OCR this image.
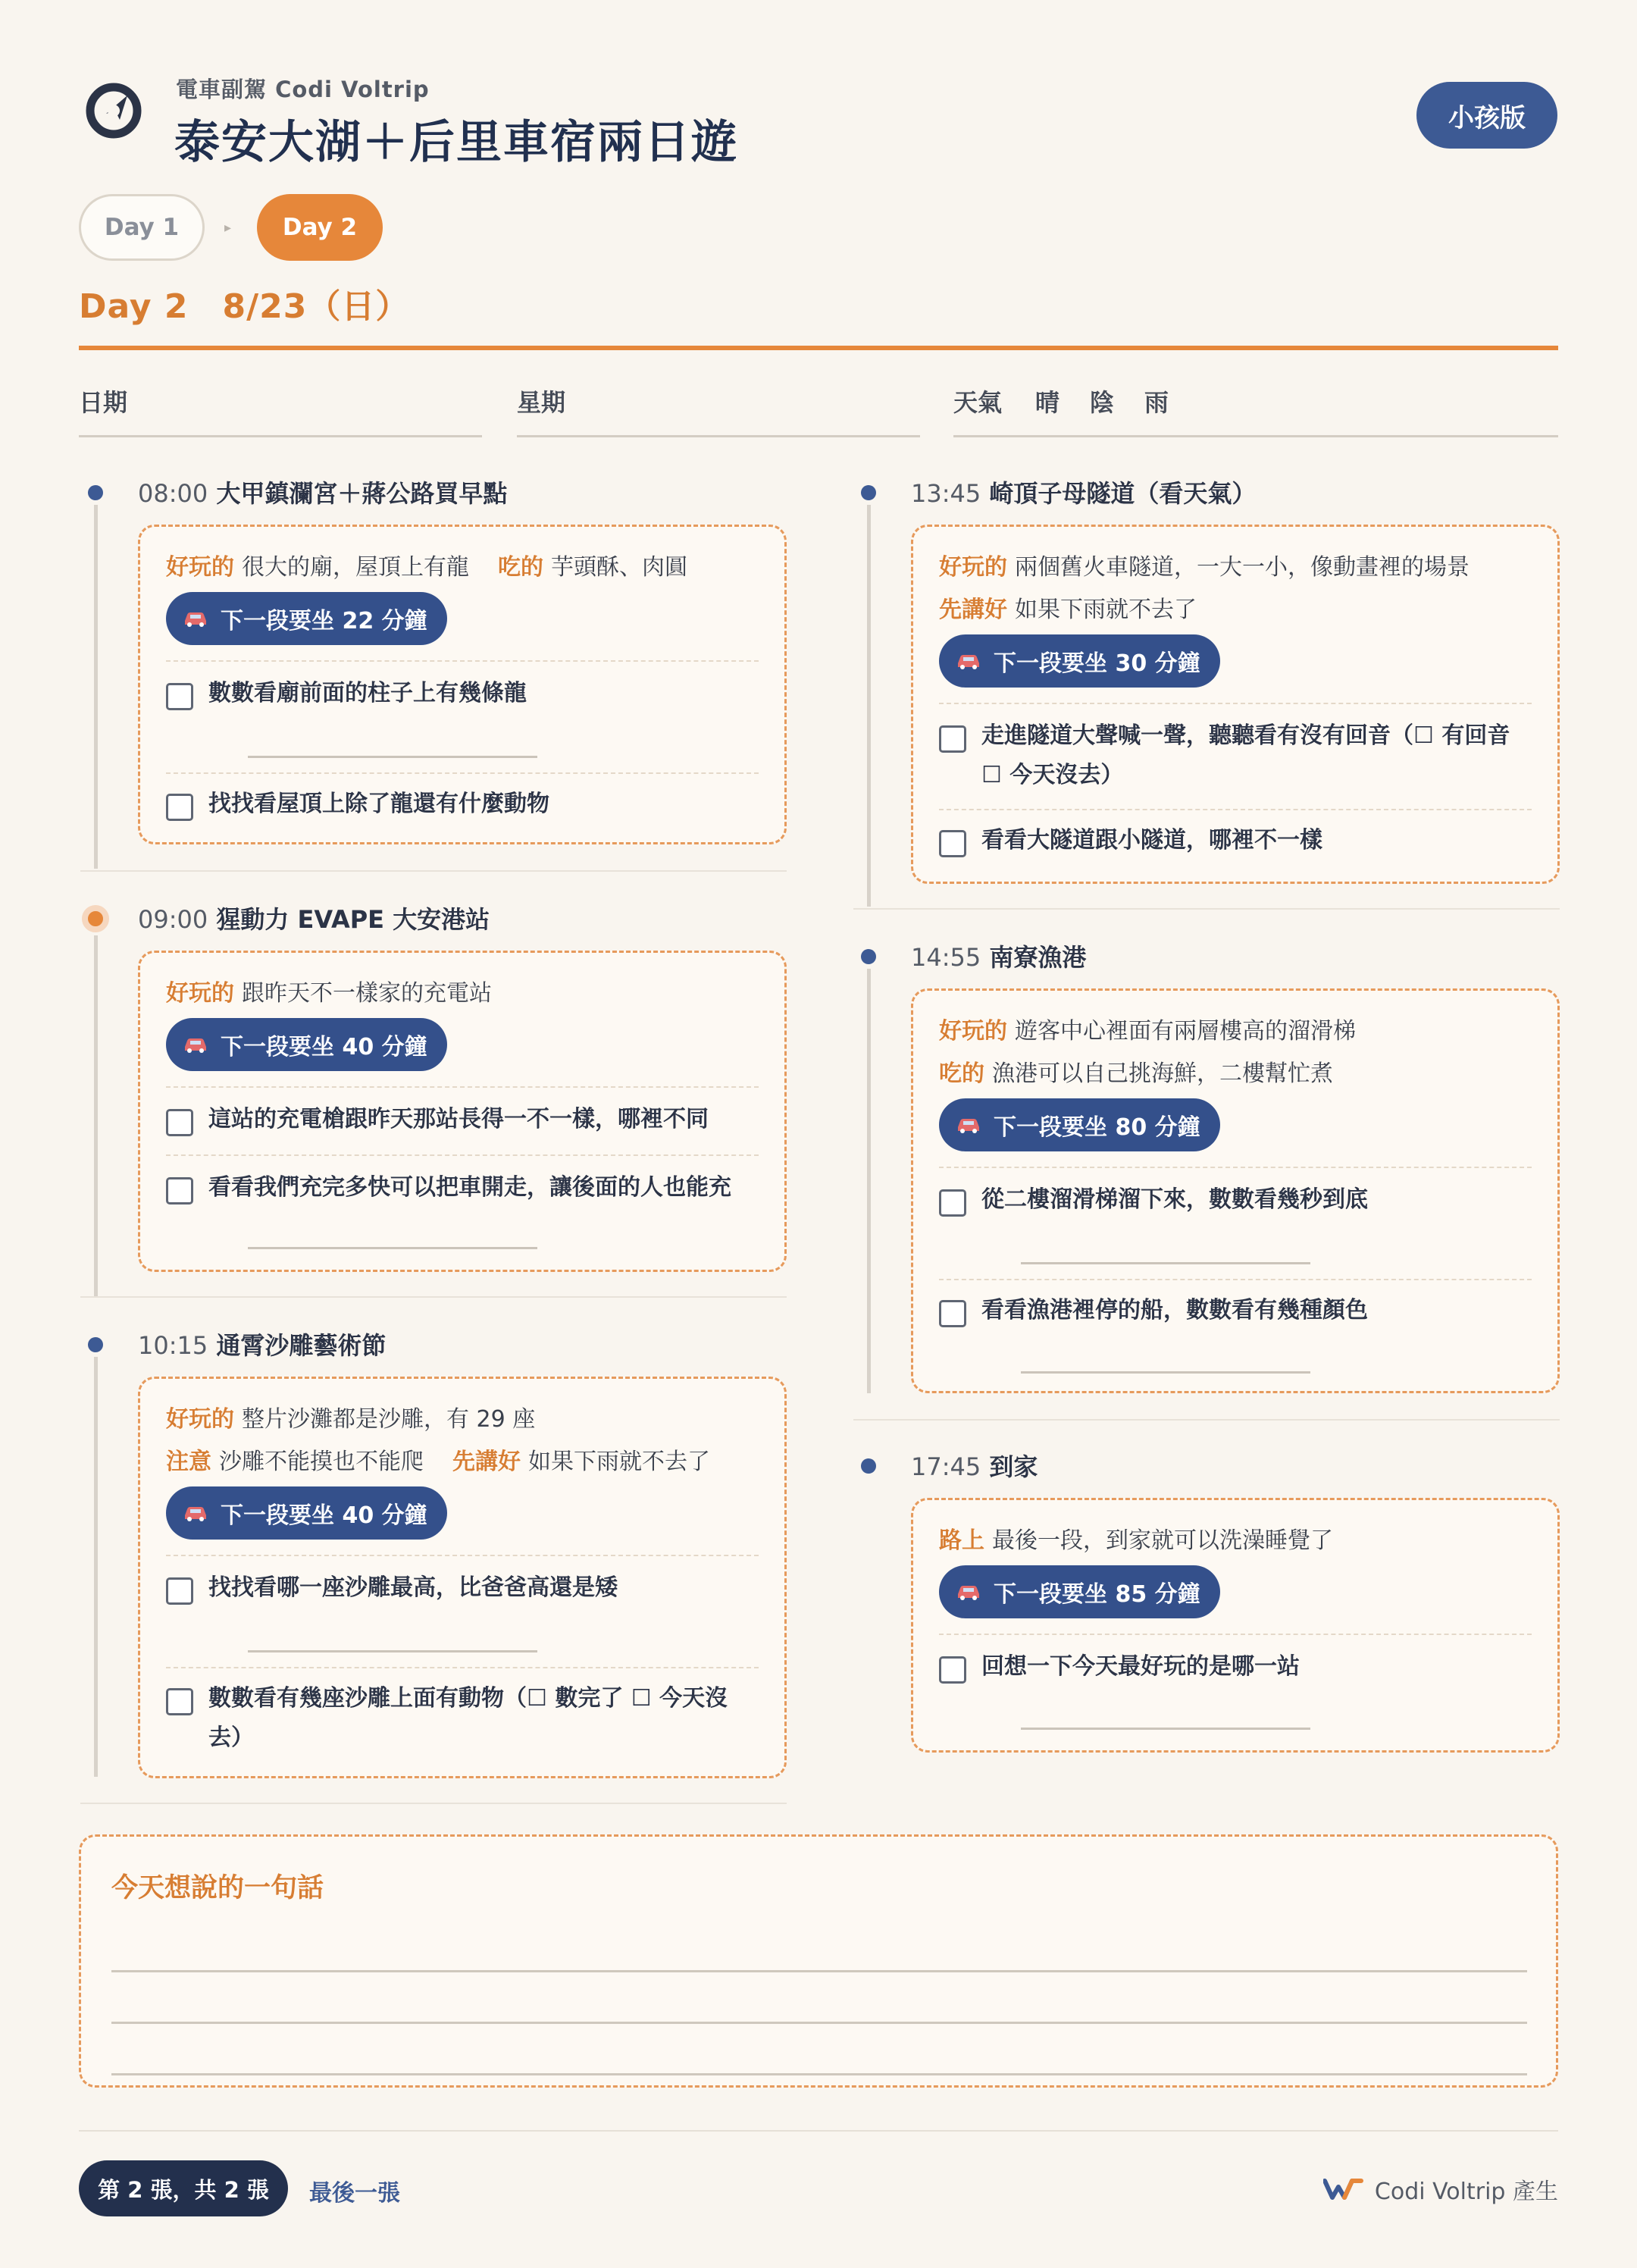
電車副駕 Codi Voltrip
泰安大湖＋后里車宿兩日遊	小孩版
Day 1	▸	Day 2
Day 2　8/23（日）
日期	星期	天氣 晴 陰 雨
08:00 大甲鎮瀾宮＋蔣公路買早點
好玩的 很大的廟，屋頂上有龍 吃的 芋頭酥、肉圓
下一段要坐 22 分鐘
數數看廟前面的柱子上有幾條龍
找找看屋頂上除了龍還有什麼動物
09:00 猩動力 EVAPE 大安港站
好玩的 跟昨天不一樣家的充電站
下一段要坐 40 分鐘
這站的充電槍跟昨天那站長得一不一樣，哪裡不同
看看我們充完多快可以把車開走，讓後面的人也能充
10:15 通霄沙雕藝術節
好玩的 整片沙灘都是沙雕，有 29 座
注意 沙雕不能摸也不能爬 先講好 如果下雨就不去了
下一段要坐 40 分鐘
找找看哪一座沙雕最高，比爸爸高還是矮
數數看有幾座沙雕上面有動物（☐ 數完了 ☐ 今天沒去）
13:45 崎頂子母隧道（看天氣）
好玩的 兩個舊火車隧道，一大一小，像動畫裡的場景
先講好 如果下雨就不去了
下一段要坐 30 分鐘
走進隧道大聲喊一聲，聽聽看有沒有回音（☐ 有回音 ☐ 今天沒去）
看看大隧道跟小隧道，哪裡不一樣
14:55 南寮漁港
好玩的 遊客中心裡面有兩層樓高的溜滑梯
吃的 漁港可以自己挑海鮮，二樓幫忙煮
下一段要坐 80 分鐘
從二樓溜滑梯溜下來，數數看幾秒到底
看看漁港裡停的船，數數看有幾種顏色
17:45 到家
路上 最後一段，到家就可以洗澡睡覺了
下一段要坐 85 分鐘
回想一下今天最好玩的是哪一站
今天想說的一句話
第 2 張，共 2 張	最後一張	Codi Voltrip 產生
